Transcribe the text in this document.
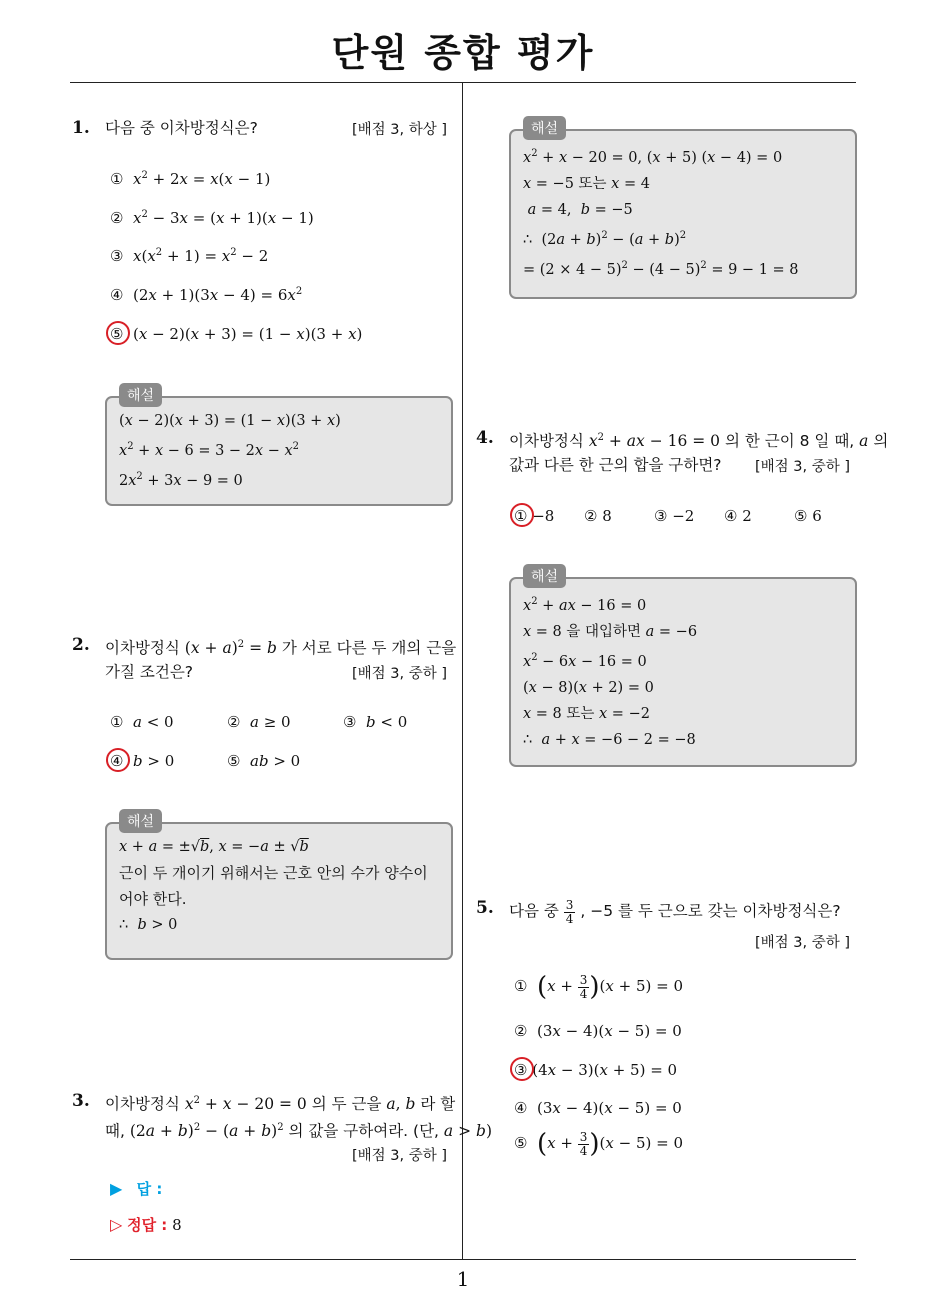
단원 종합 평가
1
1. 다음 중 이차방정식은?	[배점 3, 하상 ]
① $x^2 + 2x = x(x - 1)$
② $x^2 - 3x = (x + 1)(x - 1)$
③ $x(x^2 + 1) = x^2 - 2$
④  $(2x + 1)(3x - 4) = 6x^2$
⑤  (x − 2)(x + 3) = (1 − x)(3 + x)
(x − 2)(x + 3) = (1 − x)(3 + x)
$x^2 + x - 6 = 3 - 2x - x^2$
$2x^2 + 3x - 9 = 0$
해설
2. 이차방정식 $(x + a)^2 = b$ 가 서로 다른 두 개의 근을
가질 조건은?	[배점 3, 중하 ]
① a < 0	② a ≥ 0	③ b < 0
④ b > 0	⑤ ab > 0
x + a = ±√b, x = −a ± √b
근이 두 개이기 위해서는 근호 안의 수가 양수이
어야 한다.
∴  b > 0
해설
3. 이차방정식 $x^2 + x - 20 = 0$ 의 두 근을 a, b 라 할
때, $(2a + b)^2 - (a + b)^2$ 의 값을 구하여라. (단, a > b)
[배점 3, 중하 ]
▶ 답 :
▷ 정답 : 8
$x^2 + x - 20 = 0$, (x + 5) (x − 4) = 0
x = −5 또는 x = 4
a = 4,  b = −5
∴  $(2a + b)^2 - (a + b)^2$
= $(2 \times 4 - 5)^2 - (4 - 5)^2 = 9 - 1 = 8$
해설
4. 이차방정식 $x^2$ + ax − 16 = 0 의 한 근이 8 일 때, a 의
값과 다른 한 근의 합을 구하면? [배점 3, 중하 ]
① −8 ② 8	③ −2 ④ 2	⑤ 6
$x^2$ + ax − 16 = 0
x = 8 을 대입하면 a = −6
$x^2 - 6x - 16 = 0$
(x − 8)(x + 2) = 0
x = 8 또는 x = −2
∴  a + x = −6 − 2 = −8
해설
5. 다음 중 $\frac{3}{4}$ , −5 를 두 근으로 갖는 이차방정식은?
[배점 3, 중하 ]
① $(x + \frac{3}{4} )(x + 5) = 0$
②  (3x − 4)(x − 5) = 0
③ (4x − 3)(x + 5) = 0
④  (3x − 4)(x − 5) = 0
⑤ $(x + \frac{3}{4} )(x - 5) = 0$
